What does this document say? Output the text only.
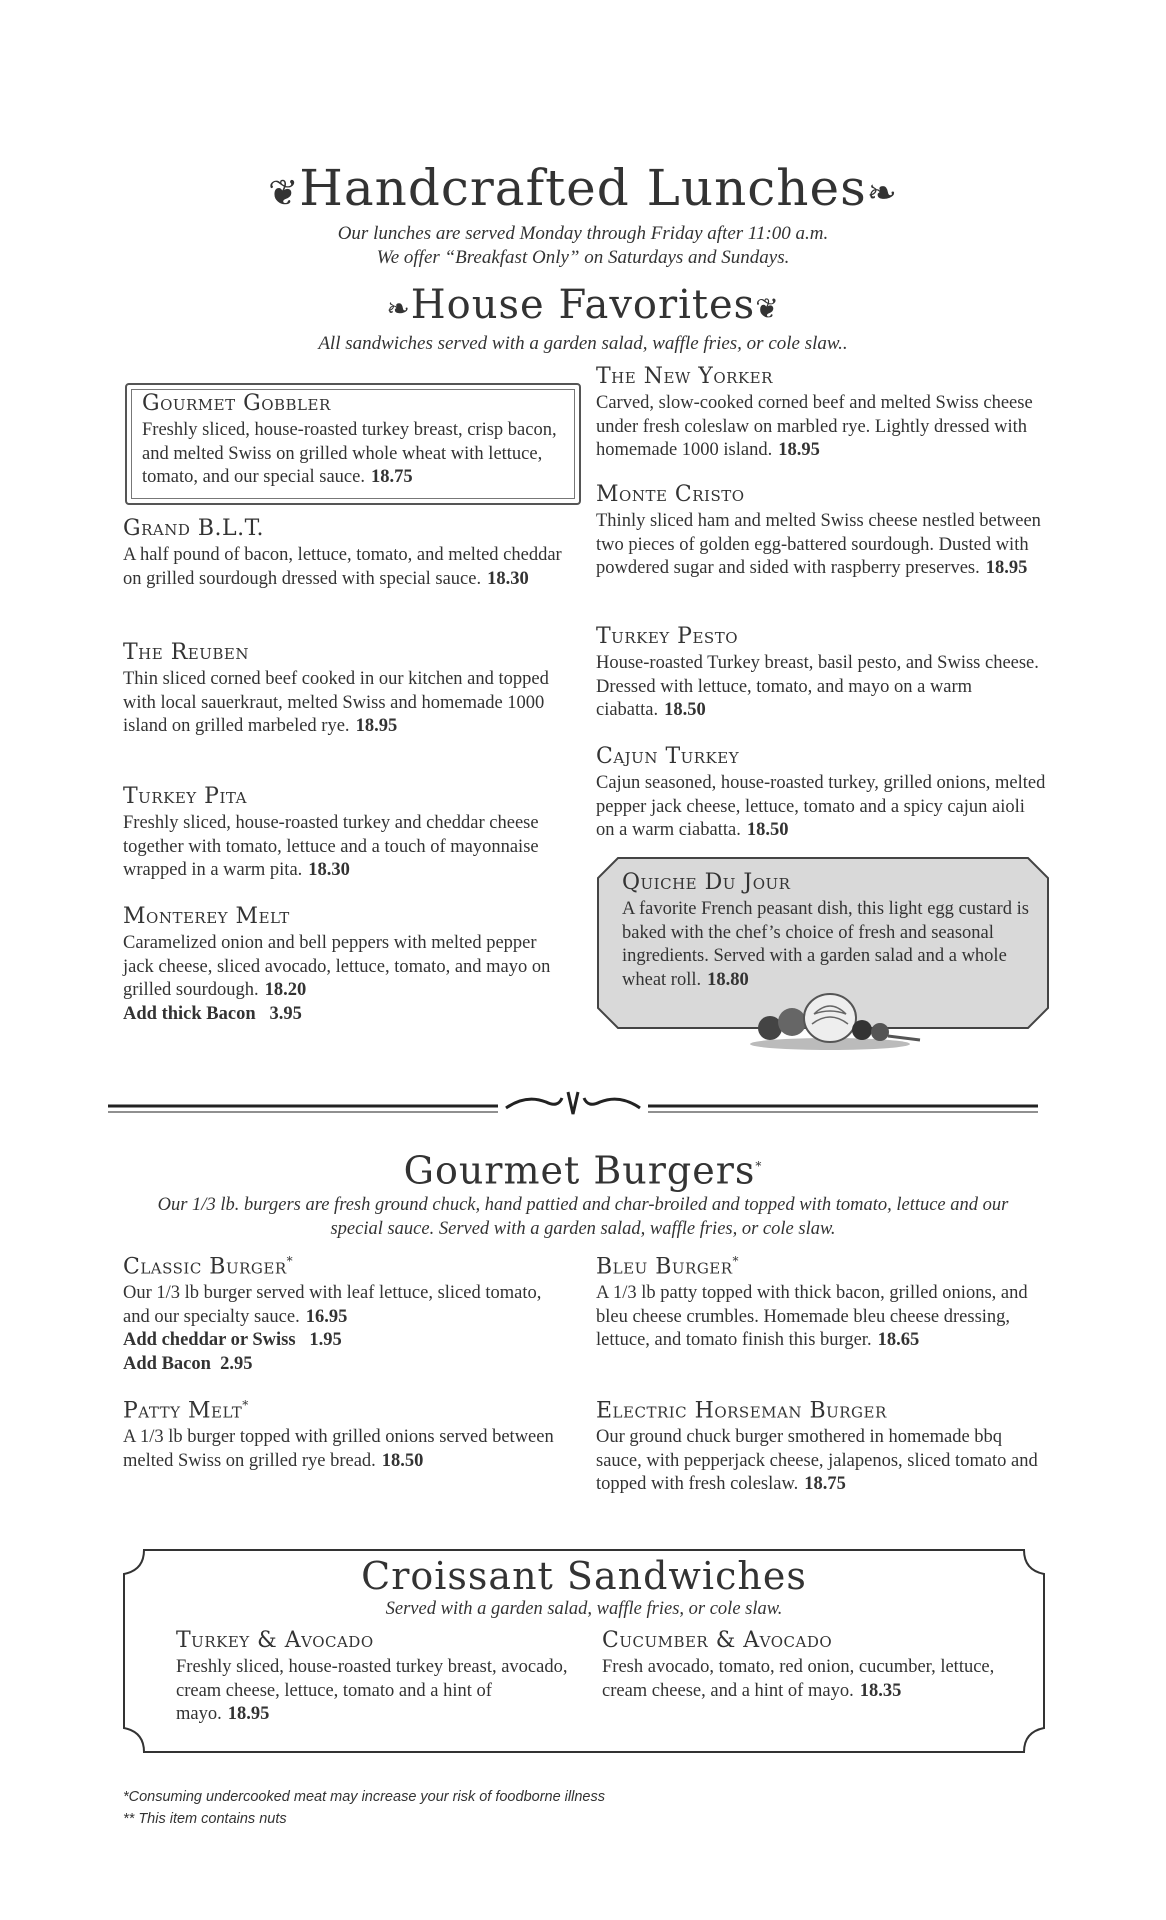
❦Handcrafted Lunches❧
Our lunches are served Monday through Friday after 11:00 a.m.
We offer “Breakfast Only” on Saturdays and Sundays.
❧House Favorites❦
All sandwiches served with a garden salad, waffle fries, or cole slaw..
Gourmet Gobbler

Freshly sliced, house-roasted turkey breast, crisp bacon, and melted Swiss on grilled whole wheat with lettuce, tomato, and our special sauce. 18.75

Grand B.L.T.

A half pound of bacon, lettuce, tomato, and melted cheddar on grilled sourdough dressed with special sauce. 18.30

The Reuben

Thin sliced corned beef cooked in our kitchen and topped with local sauerkraut, melted Swiss and homemade 1000 island on grilled marbeled rye. 18.95

Turkey Pita

Freshly sliced, house-roasted turkey and cheddar cheese together with tomato, lettuce and a touch of mayonnaise wrapped in a warm pita. 18.30

Monterey Melt

Caramelized onion and bell peppers with melted pepper jack cheese, sliced avocado, lettuce, tomato, and mayo on grilled sourdough. 18.20
Add thick Bacon   3.95

The New Yorker

Carved, slow-cooked corned beef and melted Swiss cheese under fresh coleslaw on marbled rye. Lightly dressed with homemade 1000 island. 18.95

Monte Cristo

Thinly sliced ham and melted Swiss cheese nestled between two pieces of golden egg-battered sourdough. Dusted with powdered sugar and sided with raspberry preserves. 18.95

Turkey Pesto

House-roasted Turkey breast, basil pesto, and Swiss cheese. Dressed with lettuce, tomato, and mayo on a warm ciabatta. 18.50

Cajun Turkey

Cajun seasoned, house-roasted turkey, grilled onions, melted pepper jack cheese, lettuce, tomato and a spicy cajun aioli on a warm ciabatta. 18.50

Quiche Du Jour

A favorite French peasant dish, this light egg custard is baked with the chef’s choice of fresh and seasonal ingredients. Served with a garden salad and a whole wheat roll. 18.80

Gourmet Burgers*
Our 1/3 lb. burgers are fresh ground chuck, hand pattied and char-broiled and topped with tomato, lettuce and our special sauce. Served with a garden salad, waffle fries, or cole slaw.
Classic Burger*

Our 1/3 lb burger served with leaf lettuce, sliced tomato, and our specialty sauce. 16.95
Add cheddar or Swiss   1.95
Add Bacon  2.95

Bleu Burger*

A 1/3 lb patty topped with thick bacon, grilled onions, and bleu cheese crumbles. Homemade bleu cheese dressing, lettuce, and tomato finish this burger. 18.65

Patty Melt*

A 1/3 lb burger topped with grilled onions served between melted Swiss on grilled rye bread. 18.50

Electric Horseman Burger

Our ground chuck burger smothered in homemade bbq sauce, with pepperjack cheese, jalapenos, sliced tomato and topped with fresh coleslaw. 18.75

Croissant Sandwiches
Served with a garden salad, waffle fries, or cole slaw.
Turkey & Avocado

Freshly sliced, house-roasted turkey breast, avocado, cream cheese, lettuce, tomato and a hint of mayo. 18.95

Cucumber & Avocado

Fresh avocado, tomato, red onion, cucumber, lettuce, cream cheese, and a hint of mayo. 18.35

*Consuming undercooked meat may increase your risk of foodborne illness
** This item contains nuts
